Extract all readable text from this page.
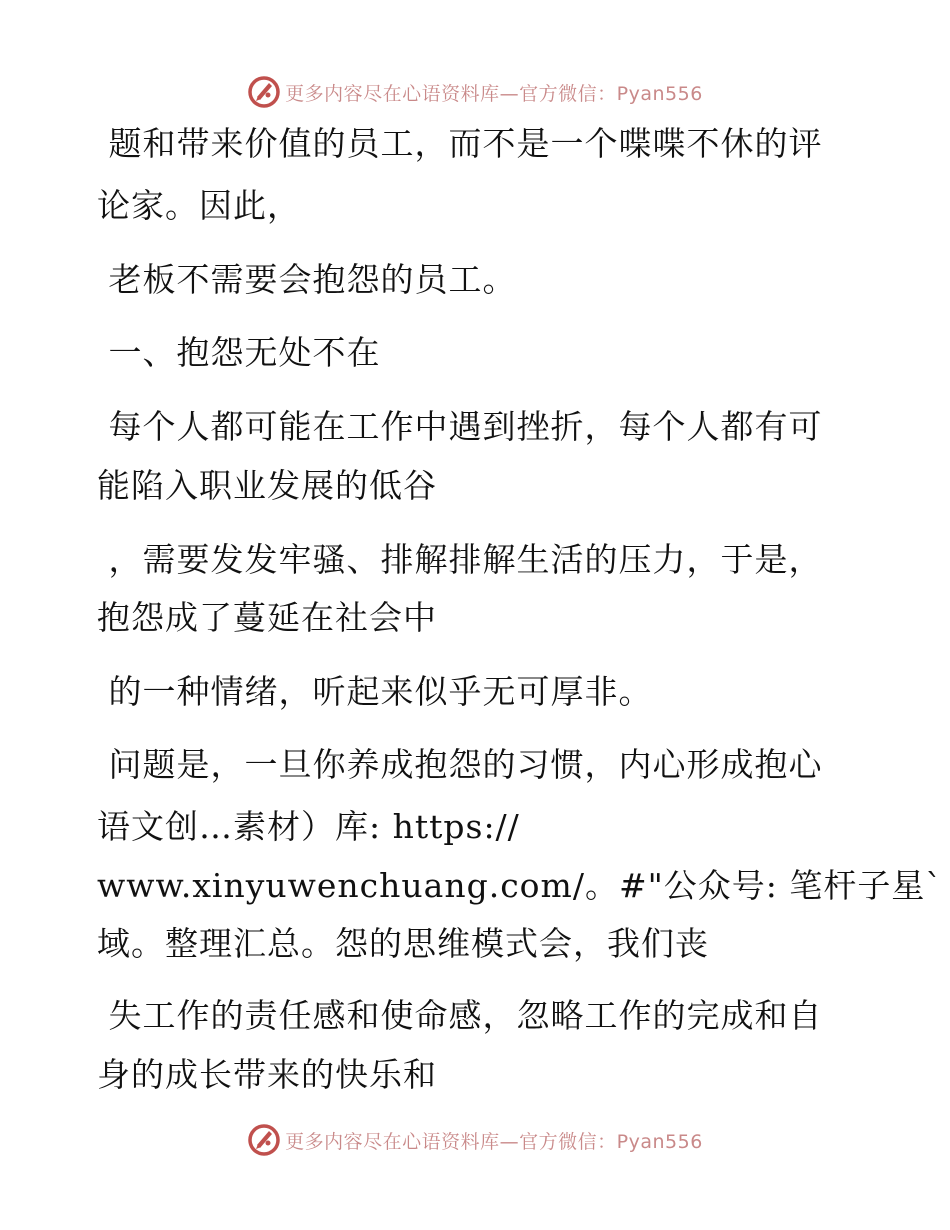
更多内容尽在心语资料库—官方微信：Pyan556
题和带来价值的员工，而不是一个喋喋不休的评
论家。因此，
老板不需要会抱怨的员工。
一、抱怨无处不在
每个人都可能在工作中遇到挫折，每个人都有可
能陷入职业发展的低谷
，需要发发牢骚、排解排解生活的压力，于是，
抱怨成了蔓延在社会中
的一种情绪，听起来似乎无可厚非。
问题是，一旦你养成抱怨的习惯，内心形成抱心
语文创…素材）库: https://
www.xinyuwenchuang.com/。#"公众号: 笔杆子星`
域。整理汇总。怨的思维模式会，我们丧
失工作的责任感和使命感，忽略工作的完成和自
身的成长带来的快乐和
更多内容尽在心语资料库—官方微信：Pyan556
